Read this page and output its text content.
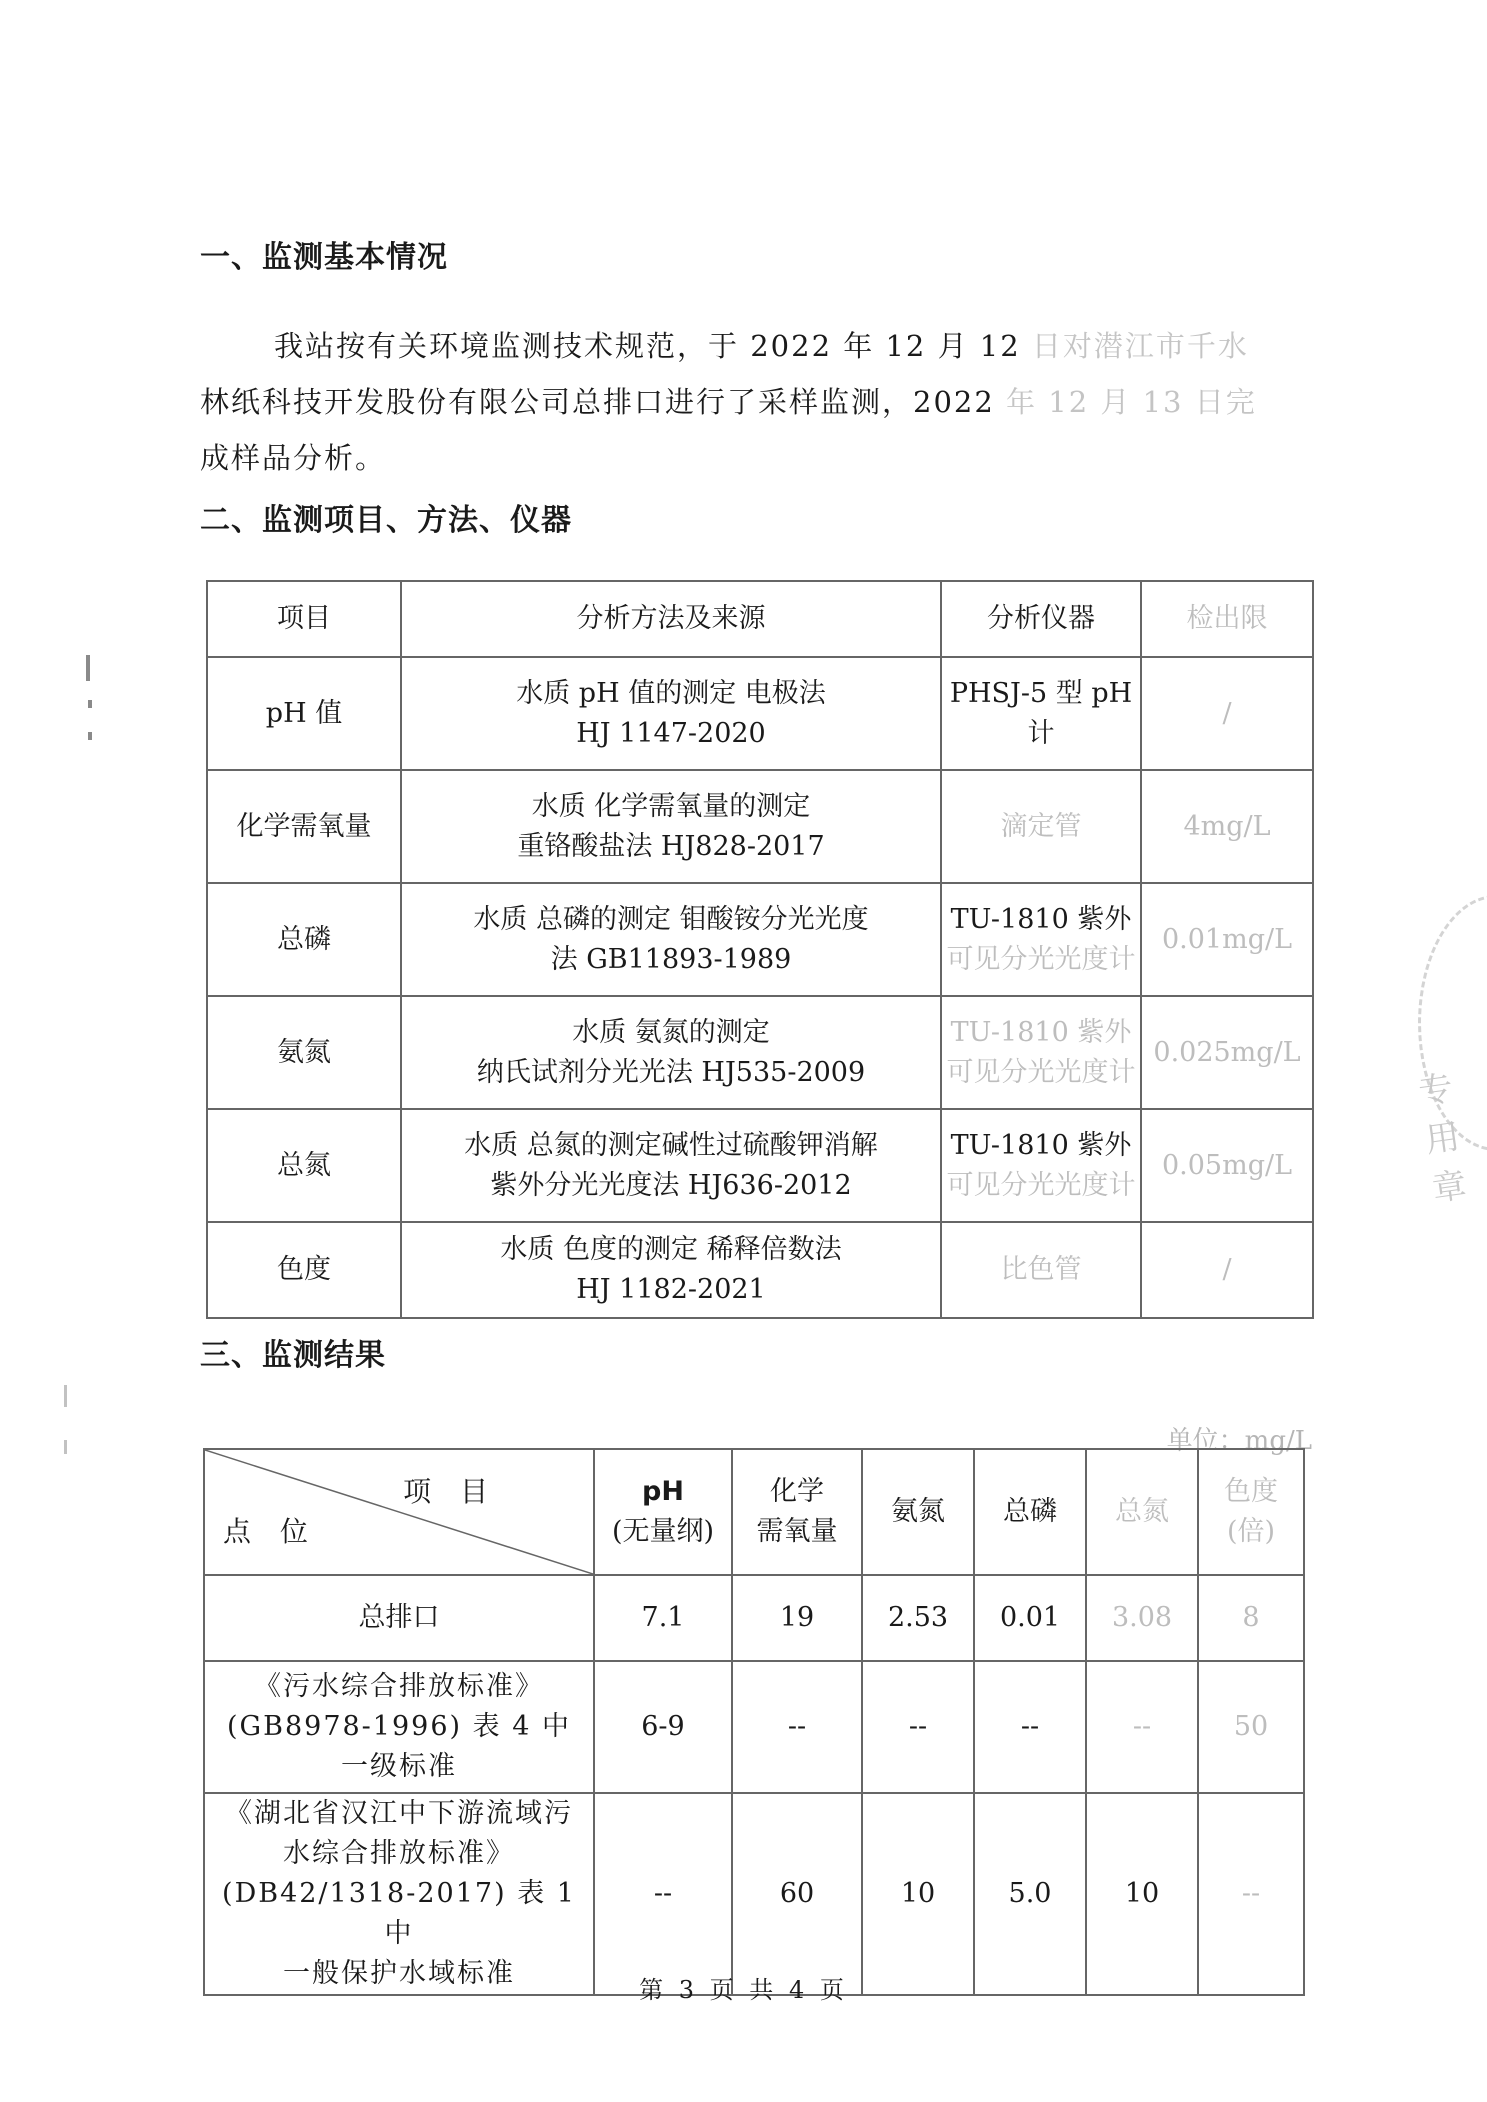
一、监测基本情况

我站按有关环境监测技术规范，于 2022 年 12 月 12 日对潜江市千水
林纸科技开发股份有限公司总排口进行了采样监测，2022 年 12 月 13 日完
成样品分析。

二、监测项目、方法、仪器
项目	分析方法及来源	分析仪器	检出限
pH 值	水质 pH 值的测定 电极法
HJ 1147-2020	PHSJ-5 型 pH 计	/
化学需氧量	水质 化学需氧量的测定
重铬酸盐法 HJ828-2017	滴定管	4mg/L
总磷	水质 总磷的测定 钼酸铵分光光度
法 GB11893-1989	TU-1810 紫外
可见分光光度计	0.01mg/L
氨氮	水质 氨氮的测定
纳氏试剂分光光法 HJ535-2009	TU-1810 紫外
可见分光光度计	0.025mg/L
总氮	水质 总氮的测定碱性过硫酸钾消解
紫外分光光度法 HJ636-2012	TU-1810 紫外
可见分光光度计	0.05mg/L
色度	水质 色度的测定 稀释倍数法
HJ 1182-2021	比色管	/
三、监测结果

单位：mg/L

项 目
点 位	pH
(无量纲)	化学
需氧量	氨氮	总磷	总氮	色度
(倍)
总排口	7.1	19	2.53	0.01	3.08	8
《污水综合排放标准》
(GB8978-1996) 表 4 中
一级标准	6-9	--	--	--	--	50
《湖北省汉江中下游流域污
水综合排放标准》
(DB42/1318-2017) 表 1 中
一般保护水域标准	--	60	10	5.0	10	--

第 3 页 共 4 页

专用章
